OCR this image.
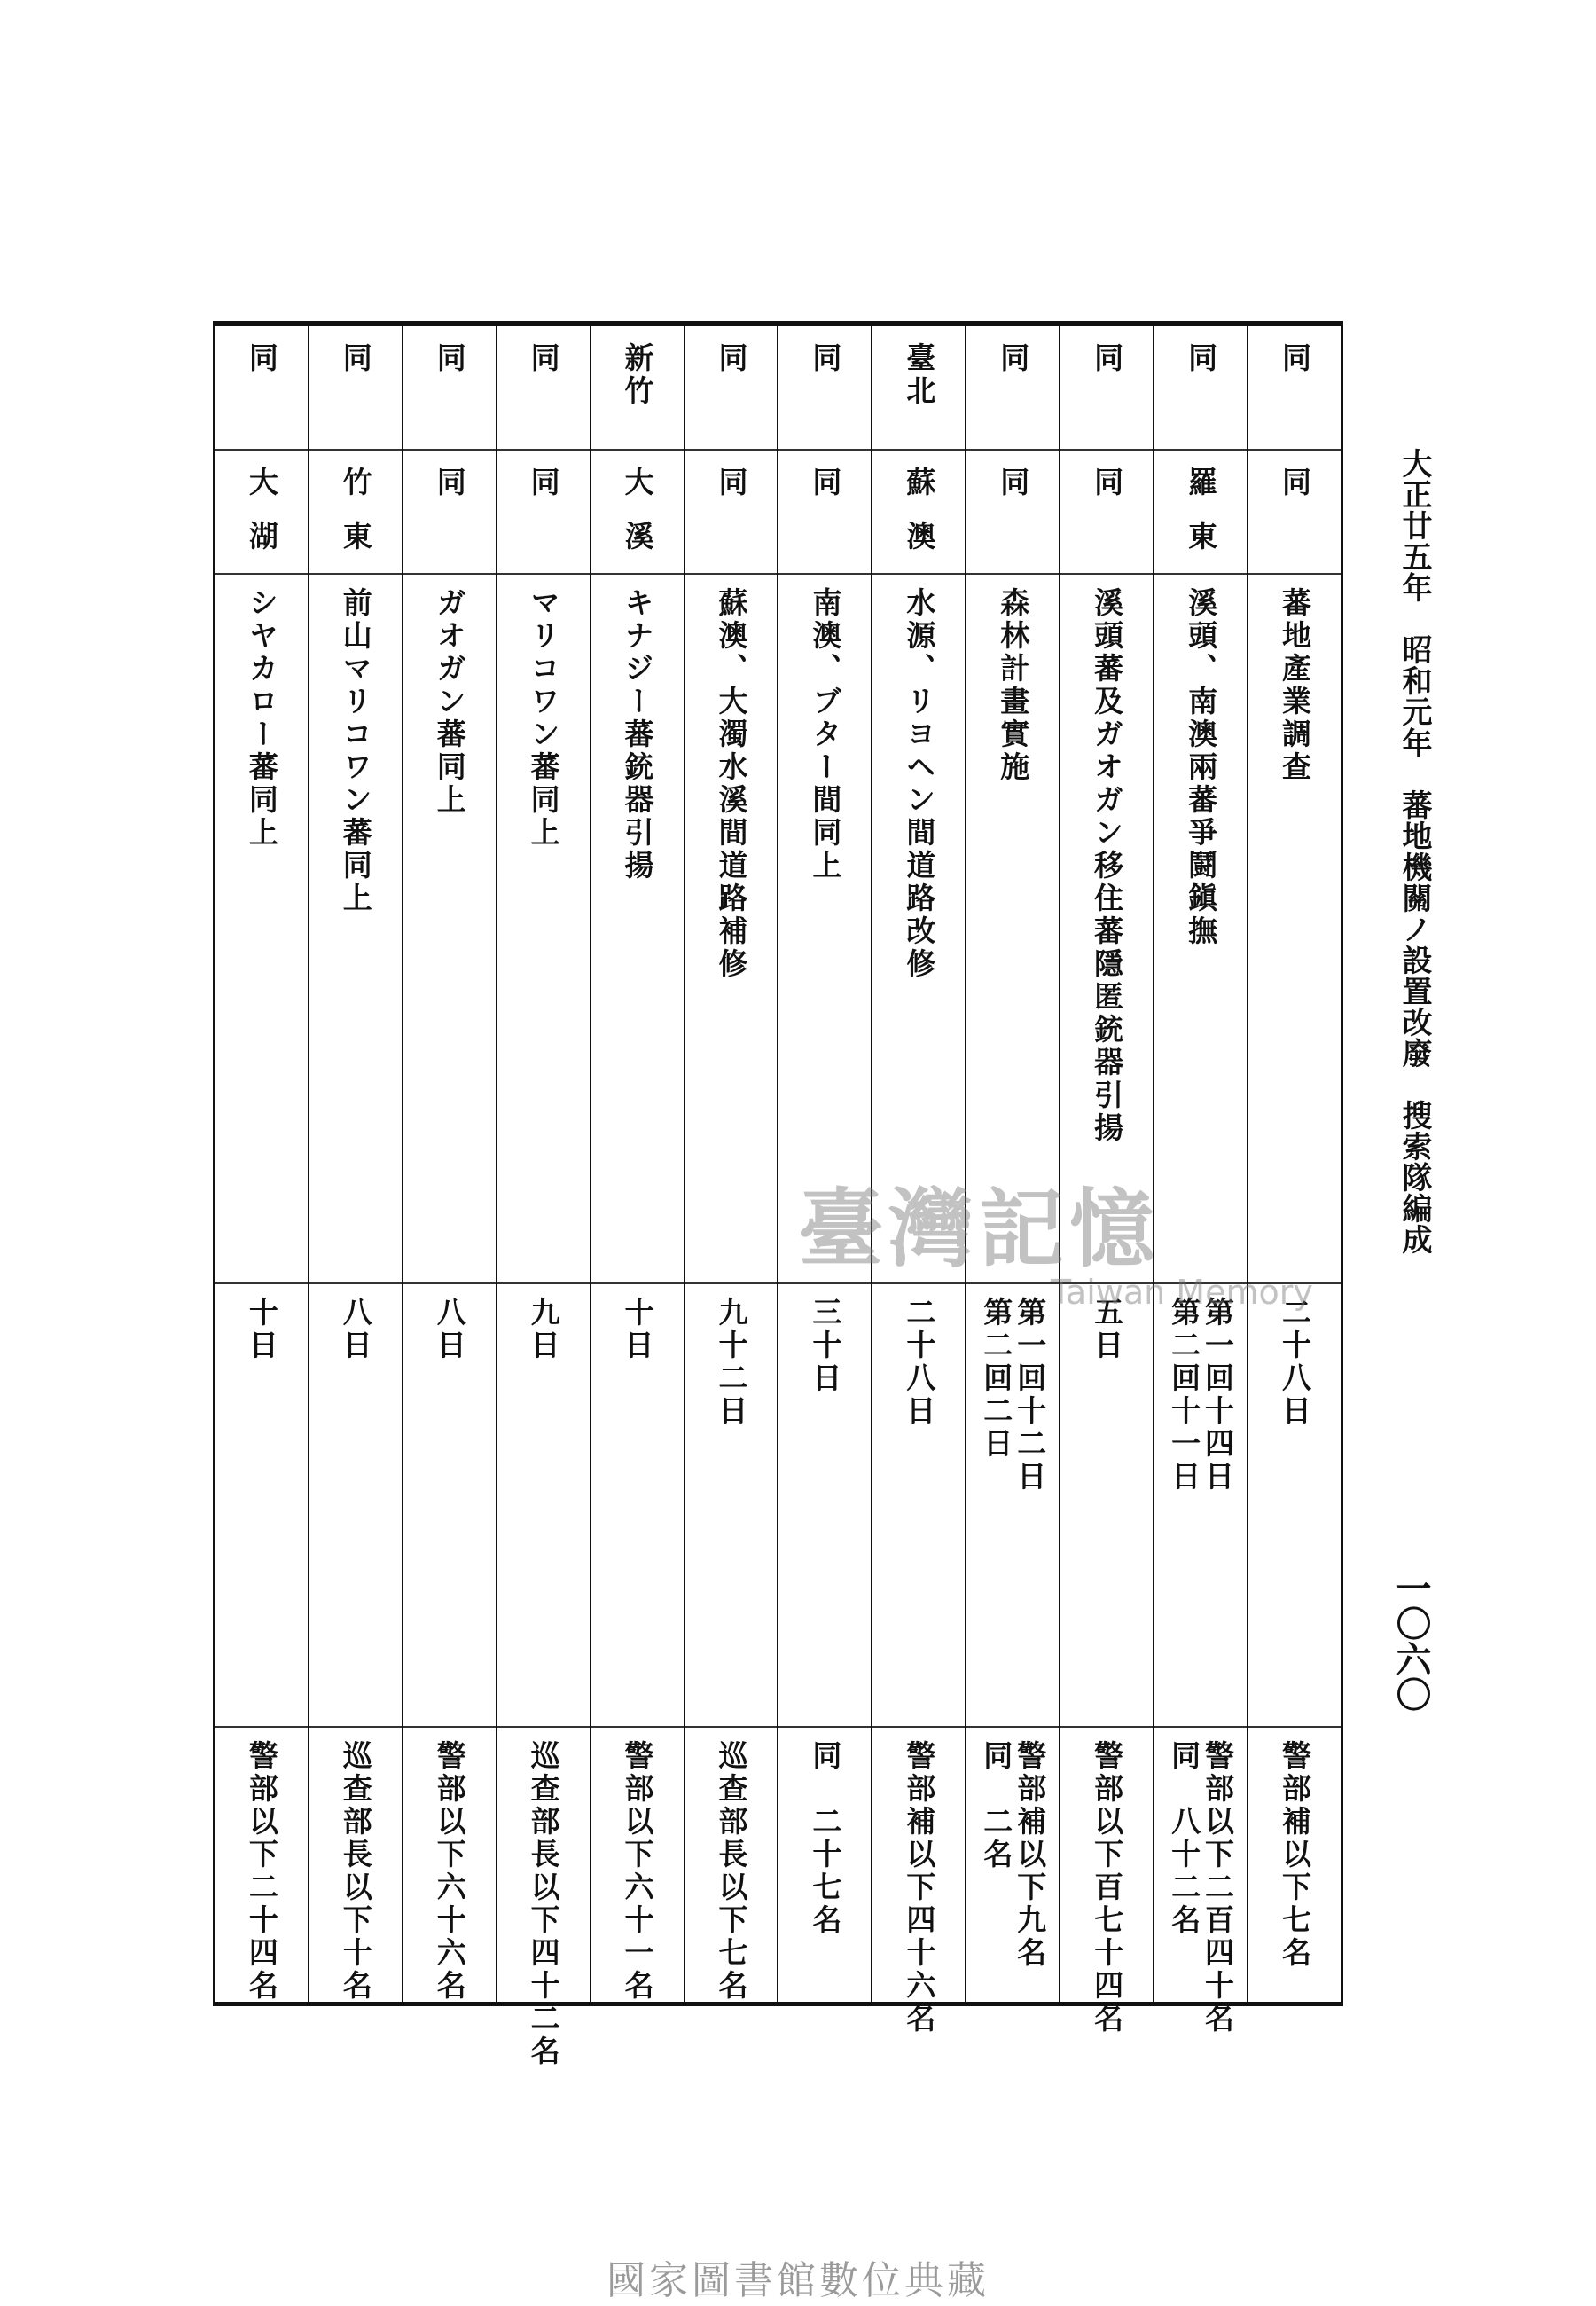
大正廿五年　昭和元年　蕃地機關ノ設置改廢　搜索隊編成
一〇六〇
同
同
蕃地產業調查
二十八日
警部補以下七名
同
羅東
溪頭、南澳兩蕃爭鬪鎭撫
第一回十四日
第二回十一日
警部以下二百四十名
同　八十二名
同
同
溪頭蕃及ガオガン移住蕃隱匿銃器引揚
五日
警部以下百七十四名
同
同
森林計畫實施
第一回十二日
第二回二日
警部補以下九名
同　二名
臺北
蘇澳
水源、リヨヘン間道路改修
二十八日
警部補以下四十六名
同
同
南澳、ブター間同上
三十日
同　二十七名
同
同
蘇澳、大濁水溪間道路補修
九十二日
巡查部長以下七名
新竹
大溪
キナジー蕃銃器引揚
十日
警部以下六十一名
同
同
マリコワン蕃同上
九日
巡查部長以下四十二名
同
同
ガオガン蕃同上
八日
警部以下六十六名
同
竹東
前山マリコワン蕃同上
八日
巡查部長以下十名
同
大湖
シヤカロー蕃同上
十日
警部以下二十四名
臺灣記憶
Taiwan Memory
國家圖書館數位典藏
